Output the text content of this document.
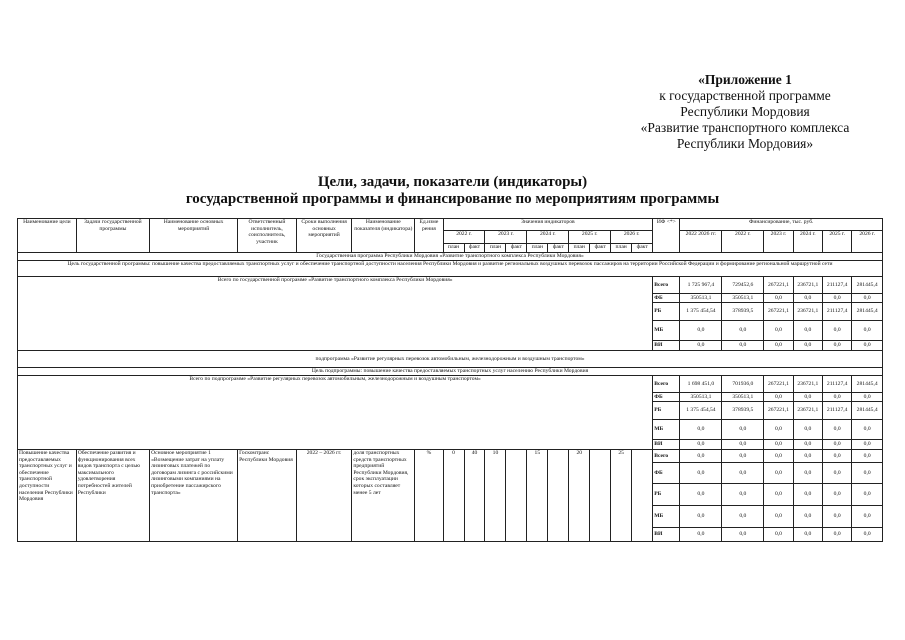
«Приложение 1
к государственной программе
Республики Мордовия
«Развитие транспортного комплекса
Республики Мордовия»
Цели, задачи, показатели (индикаторы)
государственной программы и финансирование по мероприятиям программы
Наименование цели	Задачи государственной программы	Наименование основных мероприятий	Ответственный исполнитель, соисполнитель, участник	Сроки выполнения основных мероприятий	Наименование показателя (индикатора)	Ед.изме рения	Значения индикаторов										ИФ <*>	Финансирование, тыс. руб.					
							2022 г.		2023 г.		2024 г.		2025 г.		2026 г.			2022 2026 гг.	2022 г.	2023 г.	2024 г.	2025 г.	2026 г.
							план	факт	план	факт	план	факт	план	факт	план	факт							
Государственная программа Республики Мордовия «Развитие транспортного комплекса Республики Мордовия»																							
Цель государственной программы: повышение качества предоставляемых транспортных услуг и обеспечение транспортной доступности населения Республики Мордовия и развитие региональных воздушных перевозок пассажиров на территории Российской Федерации и формирование региональной маршрутной сети																							
Всего по государственной программе «Развитие транспортного комплекса Республики Мордовия»																	Всего	1 725 967,4	729452,6	267221,1	236721,1	211127,4	281445,4
																	ФБ	350513,1	350513,1	0,0	0,0	0,0	0,0
																	РБ	1 375 454,54	378939,5	267221,1	236721,1	211127,4	281445,4
																	МБ	0,0	0,0	0,0	0,0	0,0	0,0
																	ВИ	0,0	0,0	0,0	0,0	0,0	0,0
подпрограмма «Развитие регулярных перевозок автомобильным, железнодорожным и воздушным транспортом»																							
Цель подпрограммы: повышение качества предоставляемых транспортных услуг населению Республики Мордовия																							
Всего по подпрограмме «Развитие регулярных перевозок автомобильным, железнодорожным и воздушным транспортом»																	Всего	1 698 451,0	701936,0	267221,1	236721,1	211127,4	281445,4
																	ФБ	350513,1	350513,1	0,0	0,0	0,0	0,0
																	РБ	1 375 454,54	378939,5	267221,1	236721,1	211127,4	281445,4
																	МБ	0,0	0,0	0,0	0,0	0,0	0,0
																	ВИ	0,0	0,0	0,0	0,0	0,0	0,0
Повышение качества предоставляемых транспортных услуг и обеспечение транспортной доступности населения Республики Мордовия	Обеспечение развития и функционирования всех видов транспорта с целью максимального удовлетворения потребностей жителей Республики	Основное мероприятие 1 «Возмещение затрат на уплату лизинговых платежей по договорам лизинга с российскими лизинговыми компаниями на приобретение пассажирского транспорта»	Госкомтранс Республики Мордовия	2022 – 2026 гг.	доля транспортных средств транспортных предприятий Республики Мордовия, срок эксплуатации которых составляет менее 5 лет	%	0	40	10		15		20		25		Всего	0,0	0,0	0,0	0,0	0,0	0,0
																	ФБ	0,0	0,0	0,0	0,0	0,0	0,0
																	РБ	0,0	0,0	0,0	0,0	0,0	0,0
																	МБ	0,0	0,0	0,0	0,0	0,0	0,0
																	ВИ	0,0	0,0	0,0	0,0	0,0	0,0
